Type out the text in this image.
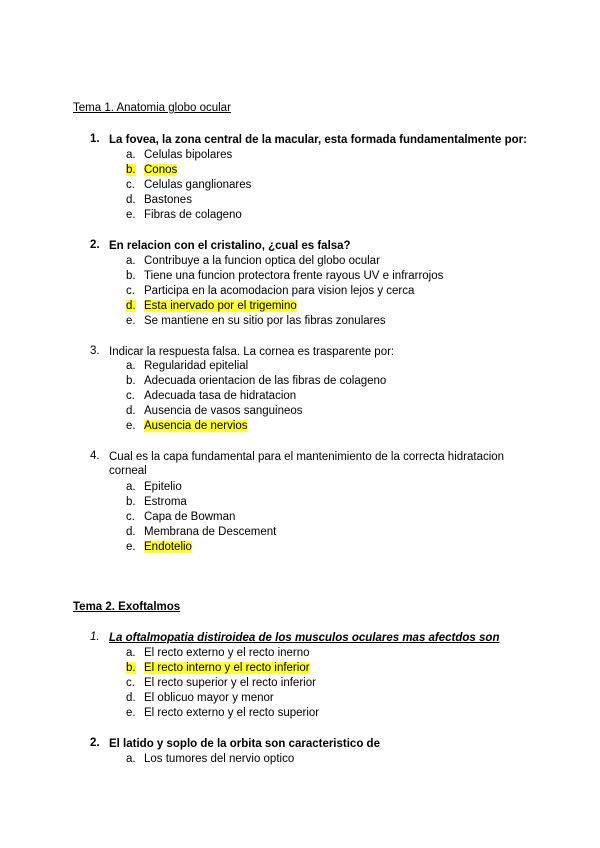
Tema 1. Anatomia globo ocular
1. La fovea, la zona central de la macular, esta formada fundamentalmente por:
a. Celulas bipolares
b. Conos
c. Celulas ganglionares
d. Bastones
e. Fibras de colageno
2. En relacion con el cristalino, ¿cual es falsa?
a. Contribuye a la funcion optica del globo ocular
b. Tiene una funcion protectora frente rayous UV e infrarrojos
c. Participa en la acomodacion para vision lejos y cerca
d. Esta inervado por el trigemino
e. Se mantiene en su sitio por las fibras zonulares
3. Indicar la respuesta falsa. La cornea es trasparente por:
a. Regularidad epitelial
b. Adecuada orientacion de las fibras de colageno
c. Adecuada tasa de hidratacion
d. Ausencia de vasos sanguineos
e. Ausencia de nervios
4. Cual es la capa fundamental para el mantenimiento de la correcta hidratacion
corneal
a. Epitelio
b. Estroma
c. Capa de Bowman
d. Membrana de Descement
e. Endotelio
Tema 2. Exoftalmos
1. La oftalmopatia distiroidea de los musculos oculares mas afectdos son
a. El recto externo y el recto inerno
b. El recto interno y el recto inferior
c. El recto superior y el recto inferior
d. El oblicuo mayor y menor
e. El recto externo y el recto superior
2. El latido y soplo de la orbita son caracteristico de
a. Los tumores del nervio optico
